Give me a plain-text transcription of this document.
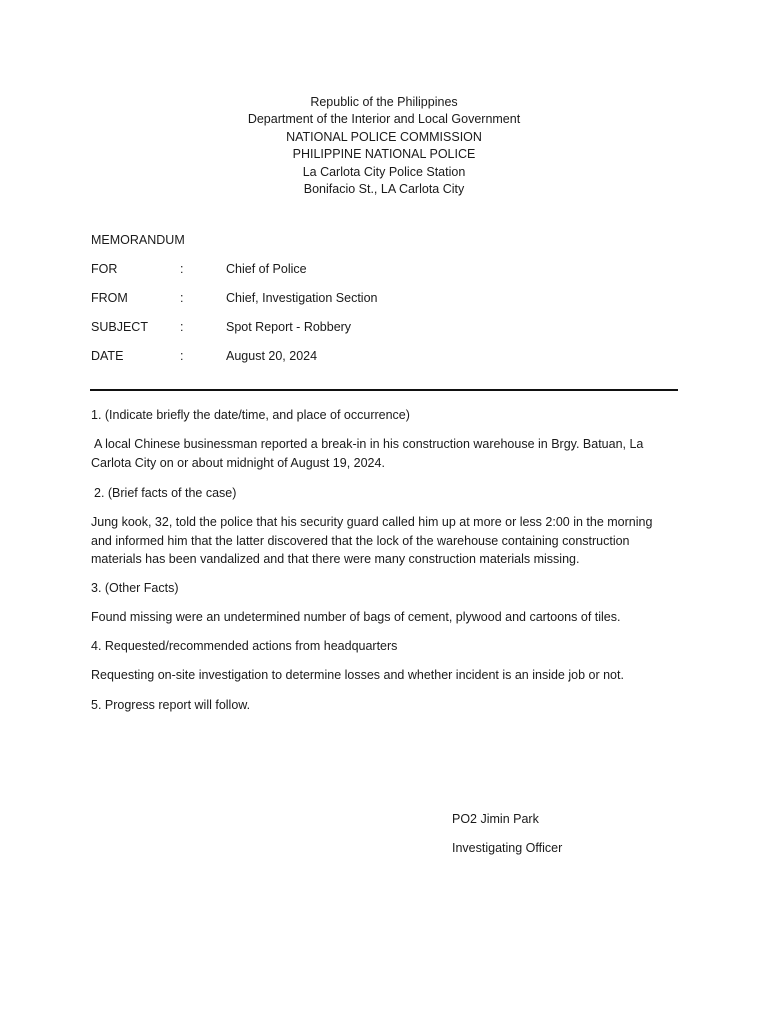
Republic of the Philippines
Department of the Interior and Local Government
NATIONAL POLICE COMMISSION
PHILIPPINE NATIONAL POLICE
La Carlota City Police Station
Bonifacio St., LA Carlota City
MEMORANDUM
FOR	:	Chief of Police
FROM	:	Chief, Investigation Section
SUBJECT	:	Spot Report - Robbery
DATE	:	August 20, 2024
1. (Indicate briefly the date/time, and place of occurrence)
A local Chinese businessman reported a break-in in his construction warehouse in Brgy. Batuan, La Carlota City on or about midnight of August 19, 2024.
2. (Brief facts of the case)
Jung kook, 32, told the police that his security guard called him up at more or less 2:00 in the morning and informed him that the latter discovered that the lock of the warehouse containing construction materials has been vandalized and that there were many construction materials missing.
3. (Other Facts)
Found missing were an undetermined number of bags of cement, plywood and cartoons of tiles.
4. Requested/recommended actions from headquarters
Requesting on-site investigation to determine losses and whether incident is an inside job or not.
5. Progress report will follow.
PO2 Jimin Park
Investigating Officer
